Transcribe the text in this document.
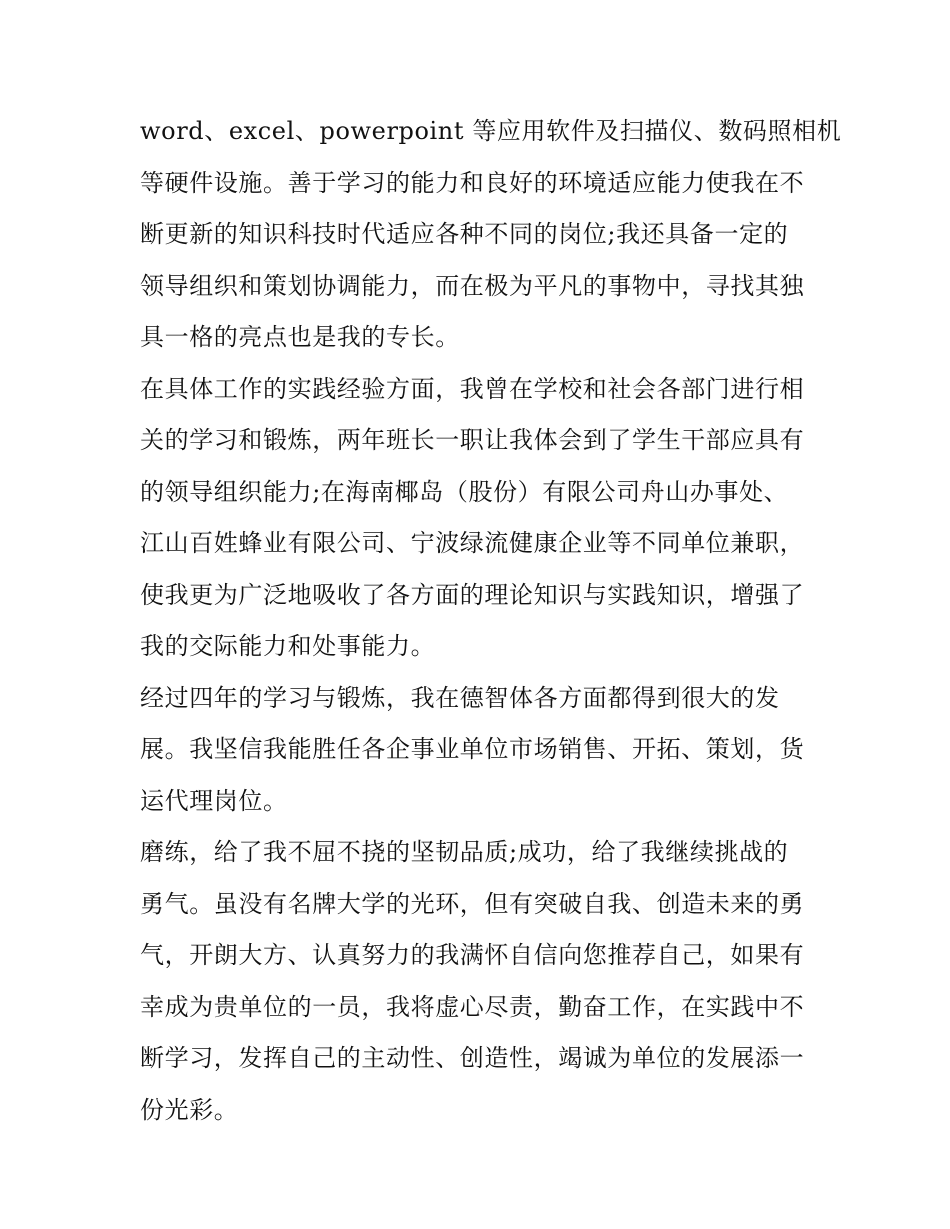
word、excel、powerpoint 等应用软件及扫描仪、数码照相机
等硬件设施。善于学习的能力和良好的环境适应能力使我在不
断更新的知识科技时代适应各种不同的岗位;我还具备一定的
领导组织和策划协调能力，而在极为平凡的事物中，寻找其独
具一格的亮点也是我的专长。
在具体工作的实践经验方面，我曾在学校和社会各部门进行相
关的学习和锻炼，两年班长一职让我体会到了学生干部应具有
的领导组织能力;在海南椰岛（股份）有限公司舟山办事处、
江山百姓蜂业有限公司、宁波绿流健康企业等不同单位兼职，
使我更为广泛地吸收了各方面的理论知识与实践知识，增强了
我的交际能力和处事能力。
经过四年的学习与锻炼，我在德智体各方面都得到很大的发
展。我坚信我能胜任各企事业单位市场销售、开拓、策划，货
运代理岗位。
磨练，给了我不屈不挠的坚韧品质;成功，给了我继续挑战的
勇气。虽没有名牌大学的光环，但有突破自我、创造未来的勇
气，开朗大方、认真努力的我满怀自信向您推荐自己，如果有
幸成为贵单位的一员，我将虚心尽责，勤奋工作，在实践中不
断学习，发挥自己的主动性、创造性，竭诚为单位的发展添一
份光彩。
